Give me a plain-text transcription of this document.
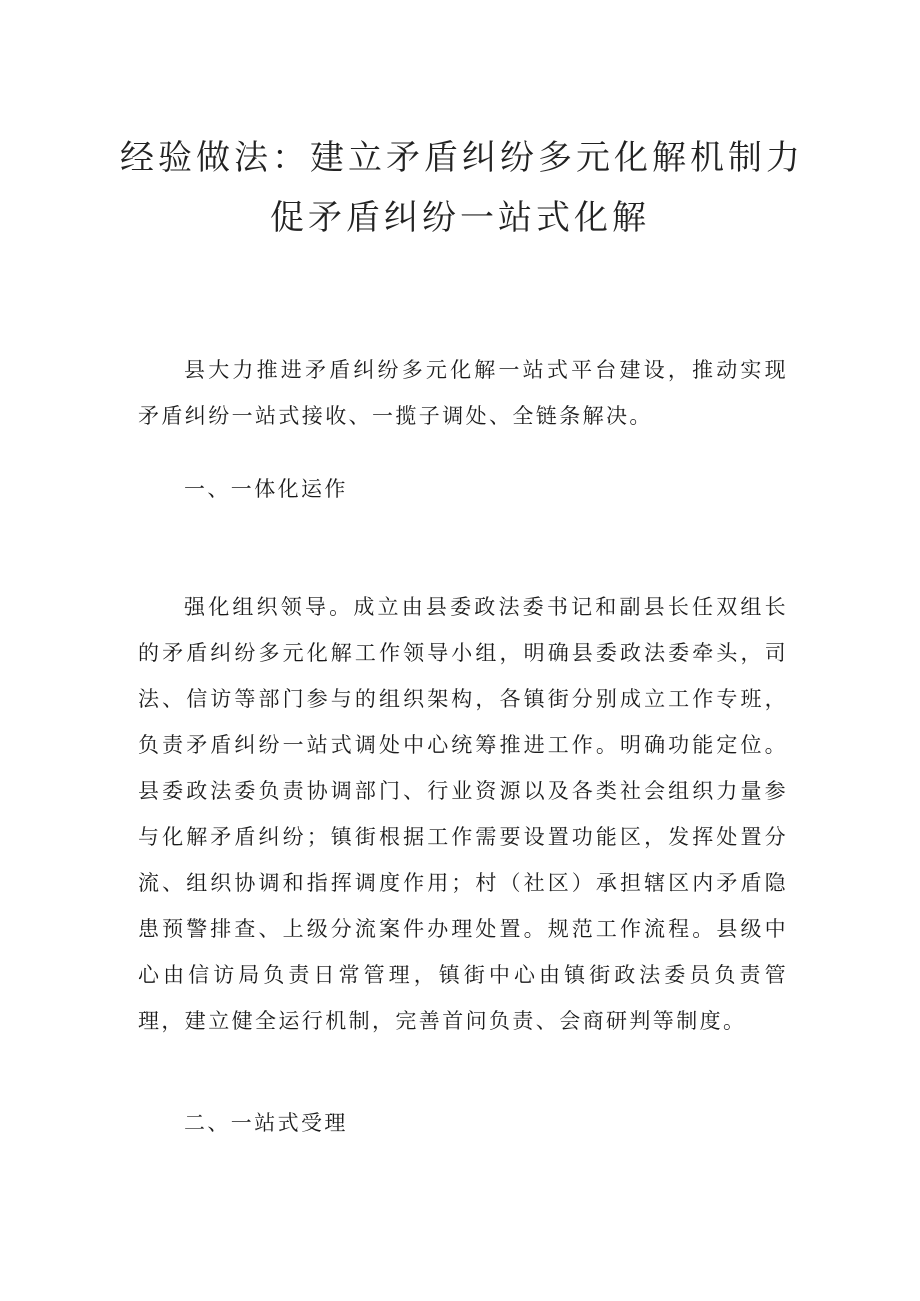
经验做法：建立矛盾纠纷多元化解机制力
促矛盾纠纷一站式化解

县大力推进矛盾纠纷多元化解一站式平台建设，推动实现矛盾纠纷一站式接收、一揽子调处、全链条解决。

一、一体化运作

强化组织领导。成立由县委政法委书记和副县长任双组长的矛盾纠纷多元化解工作领导小组，明确县委政法委牵头，司法、信访等部门参与的组织架构，各镇街分别成立工作专班，负责矛盾纠纷一站式调处中心统筹推进工作。明确功能定位。县委政法委负责协调部门、行业资源以及各类社会组织力量参与化解矛盾纠纷；镇街根据工作需要设置功能区，发挥处置分流、组织协调和指挥调度作用；村（社区）承担辖区内矛盾隐患预警排查、上级分流案件办理处置。规范工作流程。县级中心由信访局负责日常管理，镇街中心由镇街政法委员负责管理，建立健全运行机制，完善首问负责、会商研判等制度。

二、一站式受理
